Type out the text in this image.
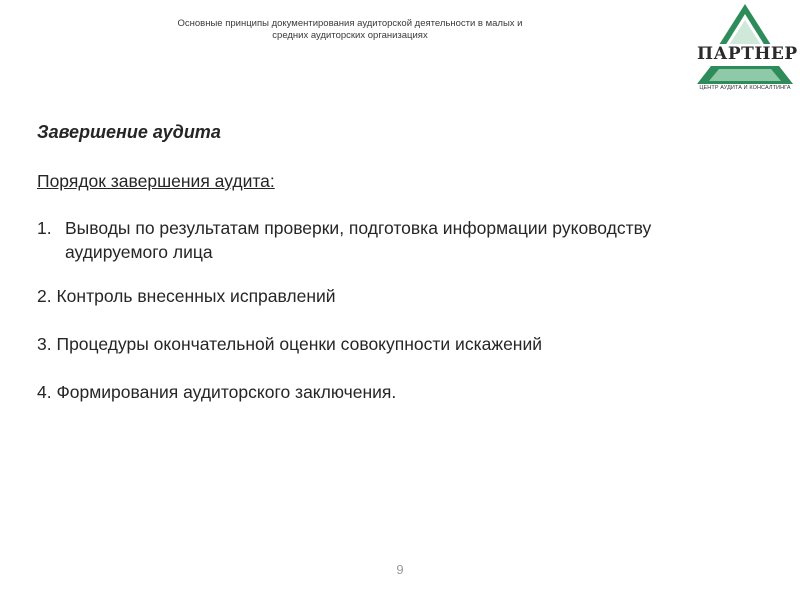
Основные принципы документирования аудиторской деятельности в малых и
средних аудиторских организациях
ПАРТНЕР
ЦЕНТР АУДИТА И КОНСАЛТИНГА
Завершение аудита
Порядок завершения аудита:
1. Выводы по результатам проверки, подготовка информации руководству аудируемого лица
2. Контроль внесенных исправлений
3. Процедуры окончательной оценки совокупности искажений
4. Формирования аудиторского заключения.
9
